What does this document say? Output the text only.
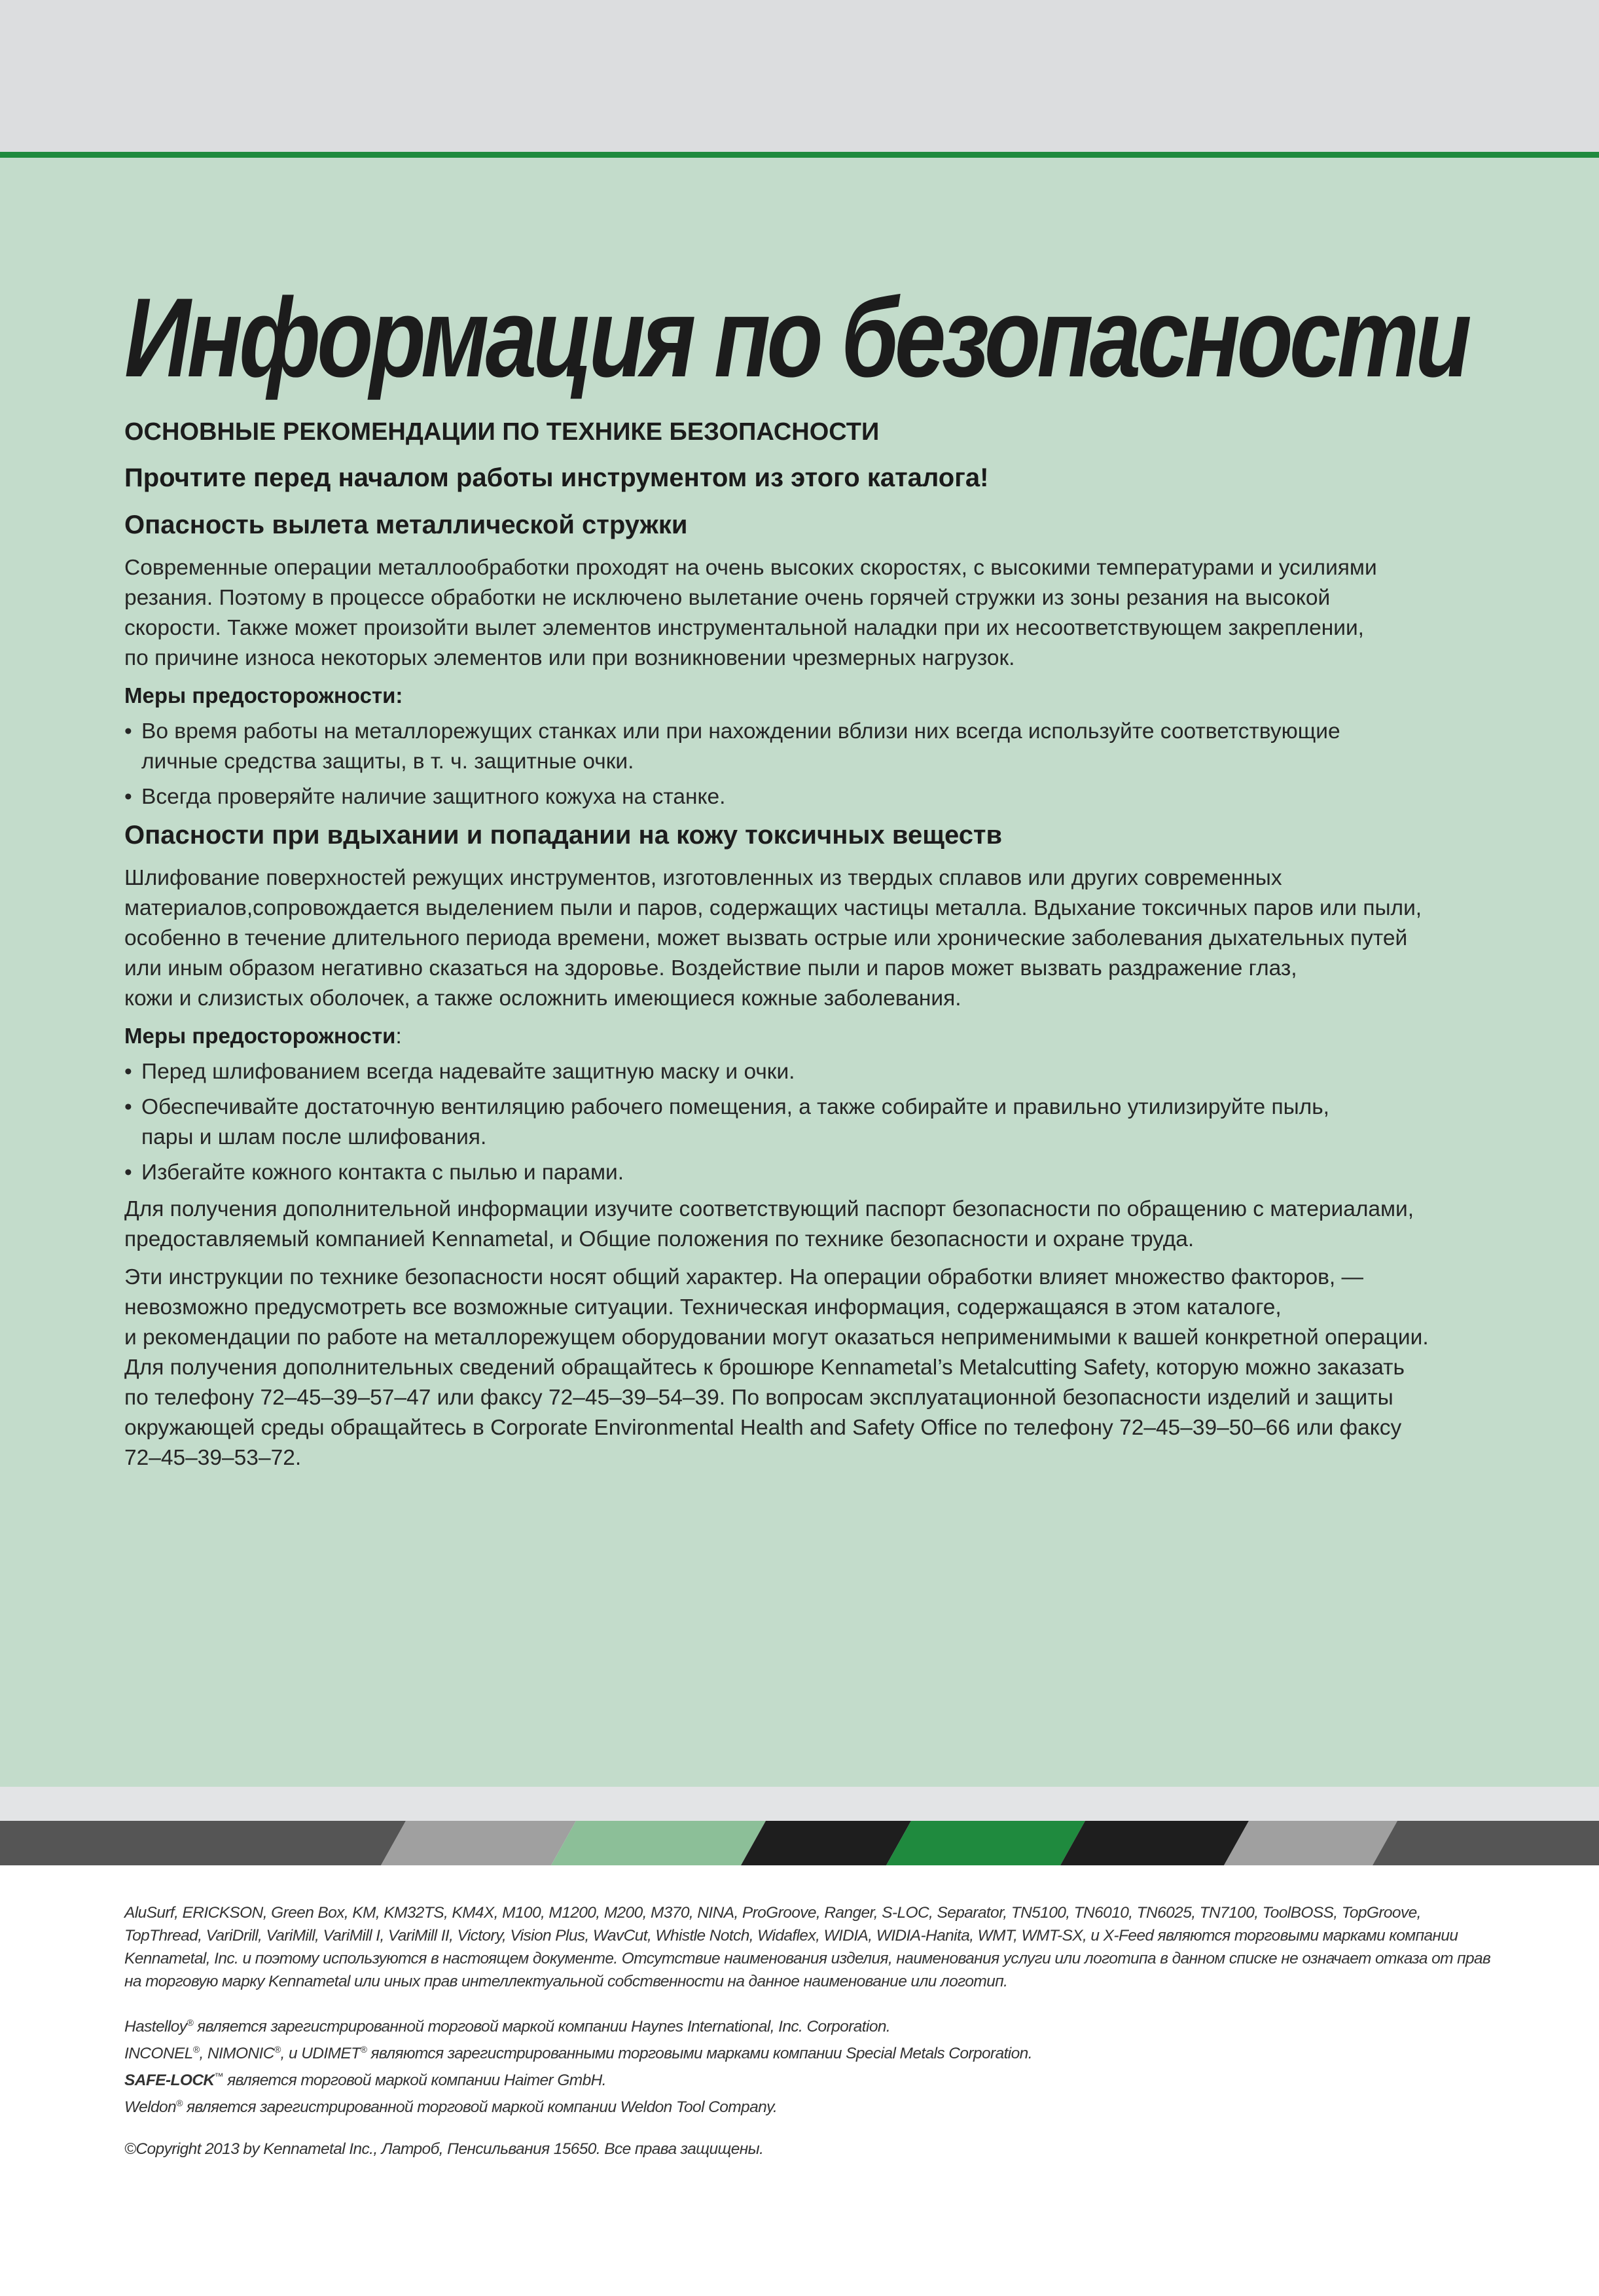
Информация по безопасности
ОСНОВНЫЕ РЕКОМЕНДАЦИИ ПО ТЕХНИКЕ БЕЗОПАСНОСТИ
Прочтите перед началом работы инструментом из этого каталога!
Опасность вылета металлической стружки

Современные операции металлообработки проходят на очень высоких скоростях, с высокими температурами и усилиями
резания. Поэтому в процессе обработки не исключено вылетание очень горячей стружки из зоны резания на высокой
скорости. Также может произойти вылет элементов инструментальной наладки при их несоответствующем закреплении,
по причине износа некоторых элементов или при возникновении чрезмерных нагрузок.

Меры предосторожности:
• Во время работы на металлорежущих станках или при нахождении вблизи них всегда используйте соответствующие
личные средства защиты, в т. ч. защитные очки.
• Всегда проверяйте наличие защитного кожуха на станке.
Опасности при вдыхании и попадании на кожу токсичных веществ

Шлифование поверхностей режущих инструментов, изготовленных из твердых сплавов или других современных
материалов,сопровождается выделением пыли и паров, содержащих частицы металла. Вдыхание токсичных паров или пыли,
особенно в течение длительного периода времени, может вызвать острые или хронические заболевания дыхательных путей
или иным образом негативно сказаться на здоровье. Воздействие пыли и паров может вызвать раздражение глаз,
кожи и слизистых оболочек, а также осложнить имеющиеся кожные заболевания.

Меры предосторожности:
• Перед шлифованием всегда надевайте защитную маску и очки.
• Обеспечивайте достаточную вентиляцию рабочего помещения, а также собирайте и правильно утилизируйте пыль,
пары и шлам после шлифования.
• Избегайте кожного контакта с пылью и парами.

Для получения дополнительной информации изучите соответствующий паспорт безопасности по обращению с материалами,
предоставляемый компанией Kennametal, и Общие положения по технике безопасности и охране труда.

Эти инструкции по технике безопасности носят общий характер. На операции обработки влияет множество факторов, —
невозможно предусмотреть все возможные ситуации. Техническая информация, содержащаяся в этом каталоге,
и рекомендации по работе на металлорежущем оборудовании могут оказаться неприменимыми к вашей конкретной операции.
Для получения дополнительных сведений обращайтесь к брошюре Kennametal’s Metalcutting Safety, которую можно заказать
по телефону 72–45–39–57–47 или факсу 72–45–39–54–39. По вопросам эксплуатационной безопасности изделий и защиты
окружающей среды обращайтесь в Corporate Environmental Health and Safety Office по телефону 72–45–39–50–66 или факсу
72–45–39–53–72.

AluSurf, ERICKSON, Green Box, KM, KM32TS, KM4X, M100, M1200, M200, M370, NINA, ProGroove, Ranger, S-LOC, Separator, TN5100, TN6010, TN6025, TN7100, ToolBOSS, TopGroove,
TopThread, VariDrill, VariMill, VariMill I, VariMill II, Victory, Vision Plus, WavCut, Whistle Notch, Widaflex, WIDIA, WIDIA-Hanita, WMT, WMT-SX, и X-Feed являются торговыми марками компании
Kennametal, Inc. и поэтому используются в настоящем документе. Отсутствие наименования изделия, наименования услуги или логотипа в данном списке не означает отказа от прав
на торговую марку Kennametal или иных прав интеллектуальной собственности на данное наименование или логотип.

Hastelloy® является зарегистрированной торговой маркой компании Haynes International, Inc. Corporation.

INCONEL®, NIMONIC®, и UDIMET® являются зарегистрированными торговыми марками компании Special Metals Corporation.

SAFE-LOCK™ является торговой маркой компании Haimer GmbH.

Weldon® является зарегистрированной торговой маркой компании Weldon Tool Company.

©Copyright 2013 by Kennametal Inc., Латроб, Пенсильвания 15650. Все права защищены.
